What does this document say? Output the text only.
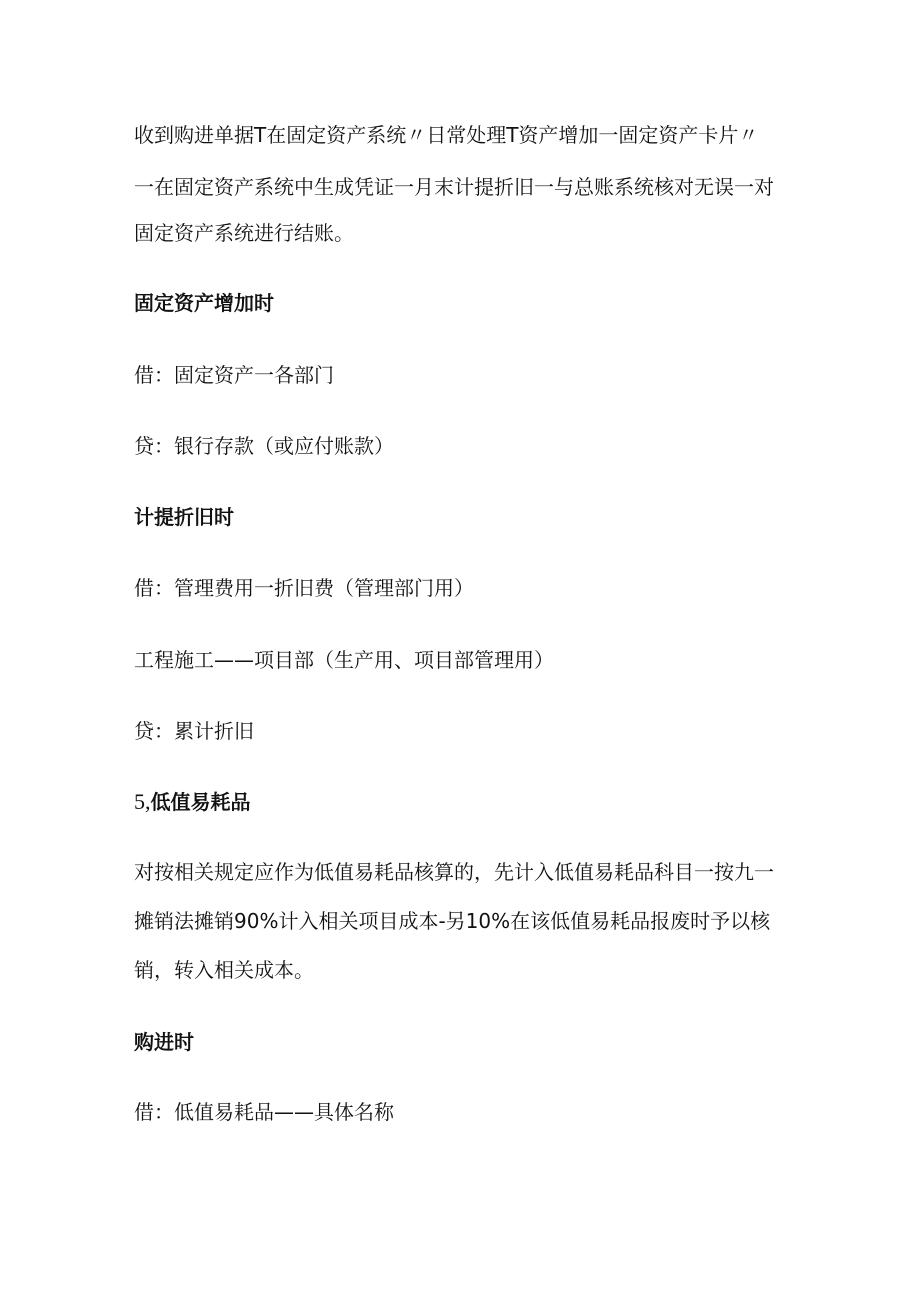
收到购进单据T在固定资产系统〃日常处理T资产增加一固定资产卡片〃
一在固定资产系统中生成凭证一月末计提折旧一与总账系统核对无误一对
固定资产系统进行结账。
固定资产增加时
借：固定资产一各部门
贷：银行存款（或应付账款）
计提折旧时
借：管理费用一折旧费（管理部门用）
工程施工——项目部（生产用、项目部管理用）
贷：累计折旧
5,低值易耗品
对按相关规定应作为低值易耗品核算的，先计入低值易耗品科目一按九一
摊销法摊销90%计入相关项目成本-另10%在该低值易耗品报废时予以核
销，转入相关成本。
购进时
借：低值易耗品——具体名称
